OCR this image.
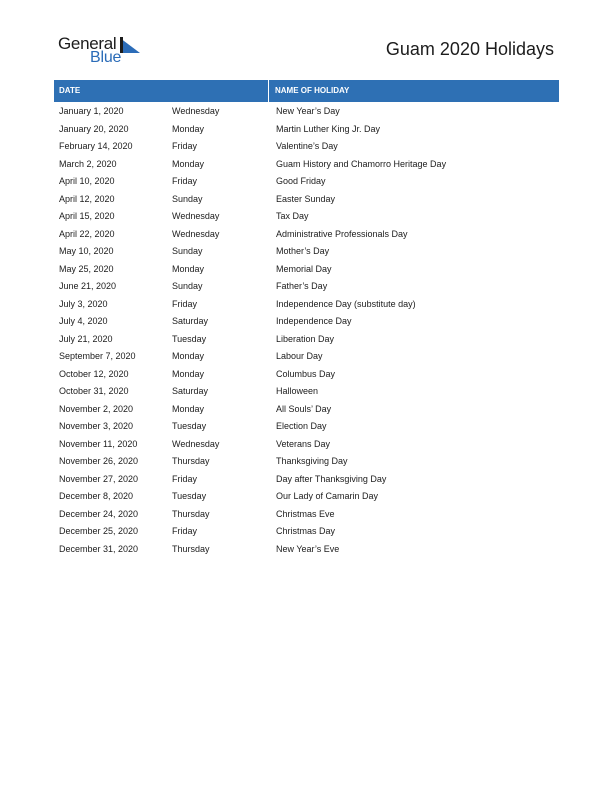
General
Blue	Guam 2020 Holidays
DATE	NAME OF HOLIDAY
January 1, 2020	Wednesday	New Year’s Day
January 20, 2020	Monday	Martin Luther King Jr. Day
February 14, 2020	Friday	Valentine’s Day
March 2, 2020	Monday	Guam History and Chamorro Heritage Day
April 10, 2020	Friday	Good Friday
April 12, 2020	Sunday	Easter Sunday
April 15, 2020	Wednesday	Tax Day
April 22, 2020	Wednesday	Administrative Professionals Day
May 10, 2020	Sunday	Mother’s Day
May 25, 2020	Monday	Memorial Day
June 21, 2020	Sunday	Father’s Day
July 3, 2020	Friday	Independence Day (substitute day)
July 4, 2020	Saturday	Independence Day
July 21, 2020	Tuesday	Liberation Day
September 7, 2020	Monday	Labour Day
October 12, 2020	Monday	Columbus Day
October 31, 2020	Saturday	Halloween
November 2, 2020	Monday	All Souls’ Day
November 3, 2020	Tuesday	Election Day
November 11, 2020	Wednesday	Veterans Day
November 26, 2020	Thursday	Thanksgiving Day
November 27, 2020	Friday	Day after Thanksgiving Day
December 8, 2020	Tuesday	Our Lady of Camarin Day
December 24, 2020	Thursday	Christmas Eve
December 25, 2020	Friday	Christmas Day
December 31, 2020	Thursday	New Year’s Eve
